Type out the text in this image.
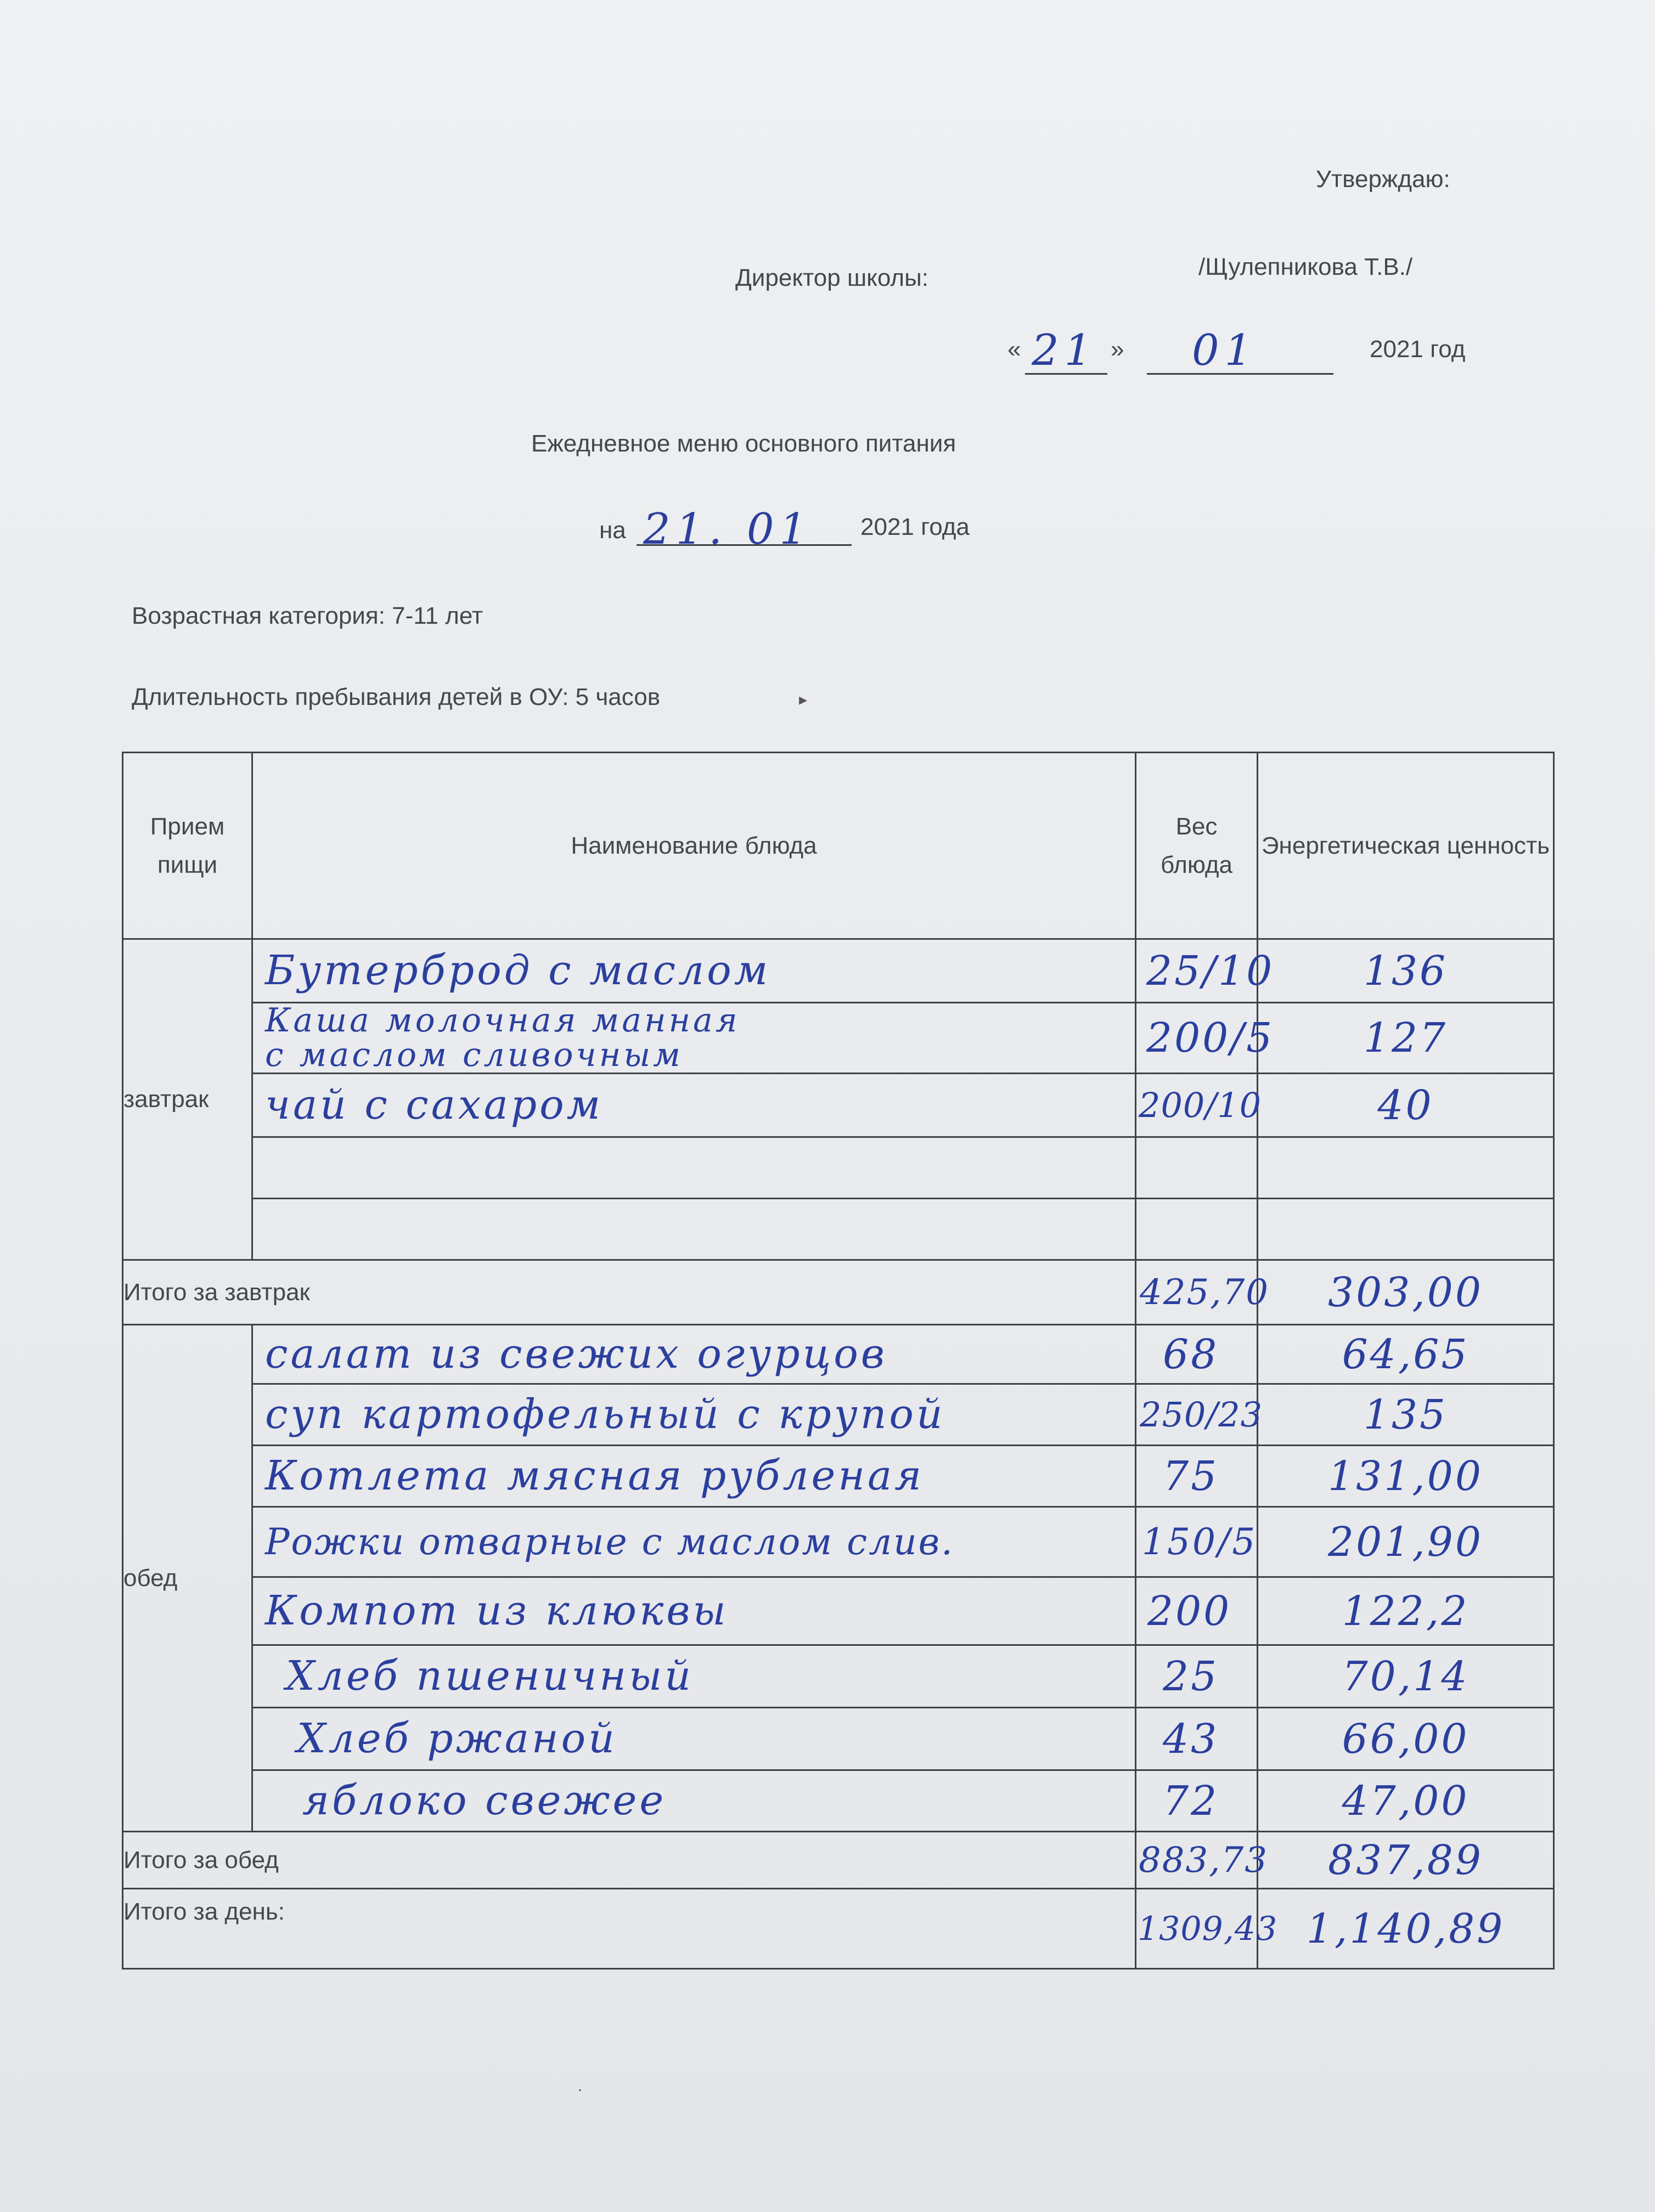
Утверждаю:
Директор школы:	/Щулепникова Т.В./
« 21 » 01	2021 год
Ежедневное меню основного питания
на 21. 01 2021 года
Возрастная категория: 7-11 лет
Длительность пребывания детей в ОУ: 5 часов	▸
Прием пищи	Наименование блюда	Вес блюда	Энергетическая ценность
завтрак	Бутерброд с маслом	25/10	136

	Каша молочная манная
с маслом сливочным	200/5	127

	чай с сахаром	200/10	40

Итого за завтрак		425,70	303,00

обед	салат из свежих огурцов	68	64,65

	суп картофельный с крупой	250/23	135

	Котлета мясная рубленая	75	131,00

	Рожки отварные с маслом слив.	150/5	201,90

	Компот из клюквы	200	122,2

	Хлеб пшеничный	25	70,14

	Хлеб ржаной	43	66,00

	яблоко свежее	72	47,00

Итого за обед		883,73	837,89

Итого за день:		1309,43	1,140,89
·
